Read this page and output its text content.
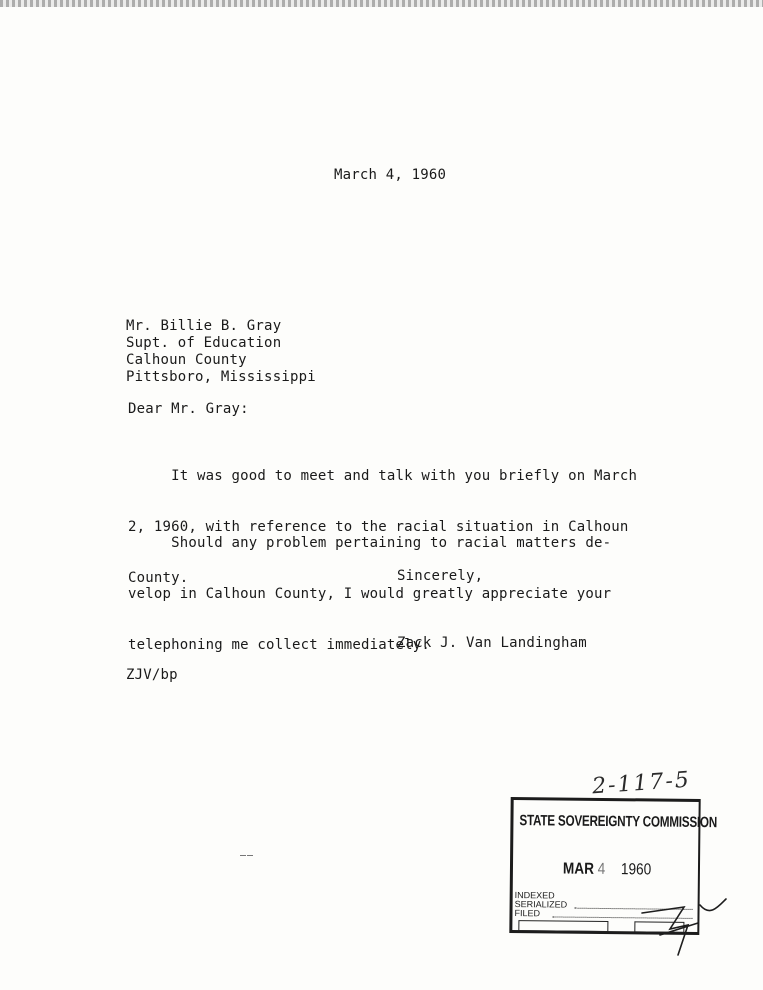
March 4, 1960
Mr. Billie B. Gray
Supt. of Education
Calhoun County
Pittsboro, Mississippi
Dear Mr. Gray:

It was good to meet and talk with you briefly on March

2, 1960, with reference to the racial situation in Calhoun

County.

Should any problem pertaining to racial matters de-

velop in Calhoun County, I would greatly appreciate your

telephoning me collect immediately.

Sincerely,
Zack J. Van Landingham
ZJV/bp
2-117-5
STATE SOVEREIGNTY COMMISSION
MAR 4 1960
INDEXED
SERIALIZED
FILED
